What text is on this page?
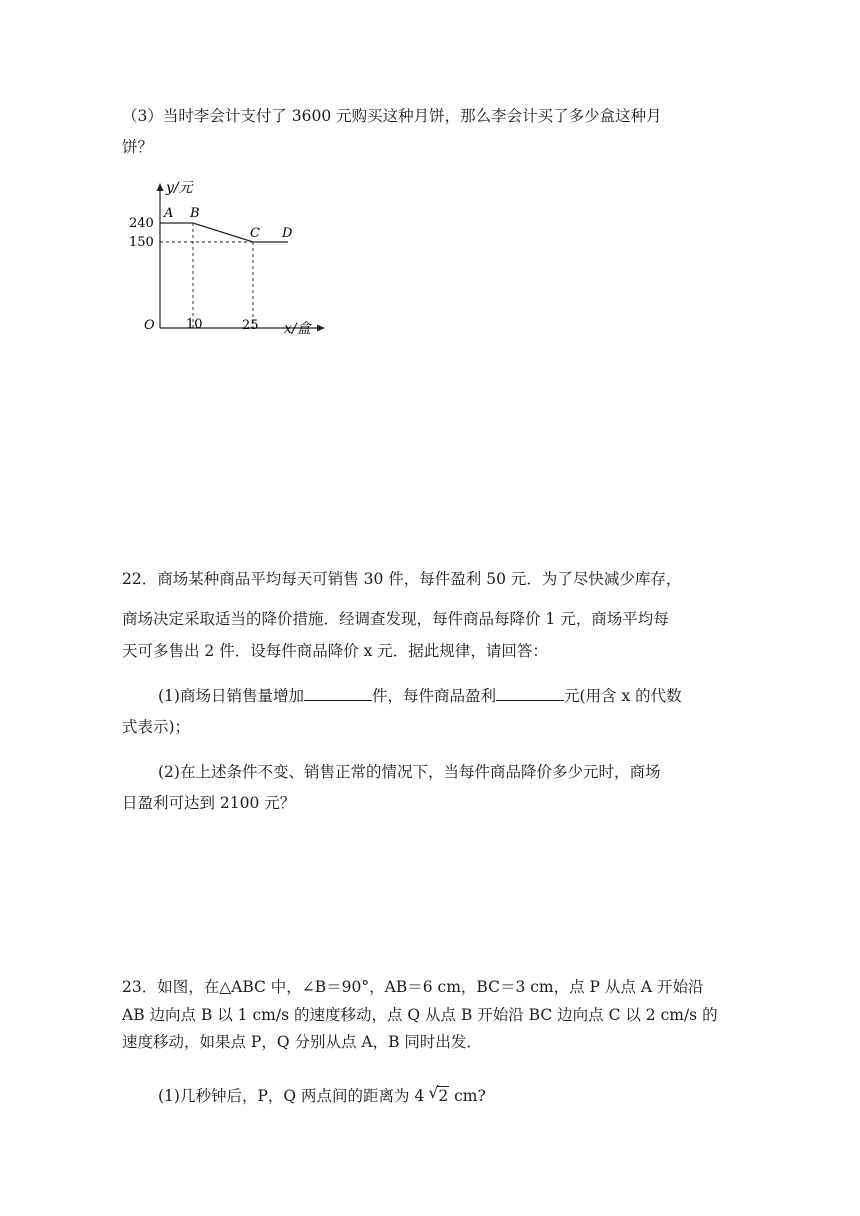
（3）当时李会计支付了 3600 元购买这种月饼，那么李会计买了多少盒这种月
饼？
y/元
240
150
A B
C D
O 10	25 x/盒
22．商场某种商品平均每天可销售 30 件，每件盈利 50 元．为了尽快减少库存，
商场决定采取适当的降价措施．经调查发现，每件商品每降价 1 元，商场平均每
天可多售出 2 件．设每件商品降价 x 元．据此规律，请回答：
(1)商场日销售量增加	件，每件商品盈利	元(用含 x 的代数
式表示)；
(2)在上述条件不变、销售正常的情况下，当每件商品降价多少元时，商场
日盈利可达到 2100 元？
23．如图，在△ABC 中，∠B＝90°，AB＝6 cm，BC＝3 cm，点 P 从点 A 开始沿
AB 边向点 B 以 1 cm/s 的速度移动，点 Q 从点 B 开始沿 BC 边向点 C 以 2 cm/s 的
速度移动，如果点 P，Q 分别从点 A，B 同时出发．
(1)几秒钟后，P，Q 两点间的距离为 4 √ 2 cm?
